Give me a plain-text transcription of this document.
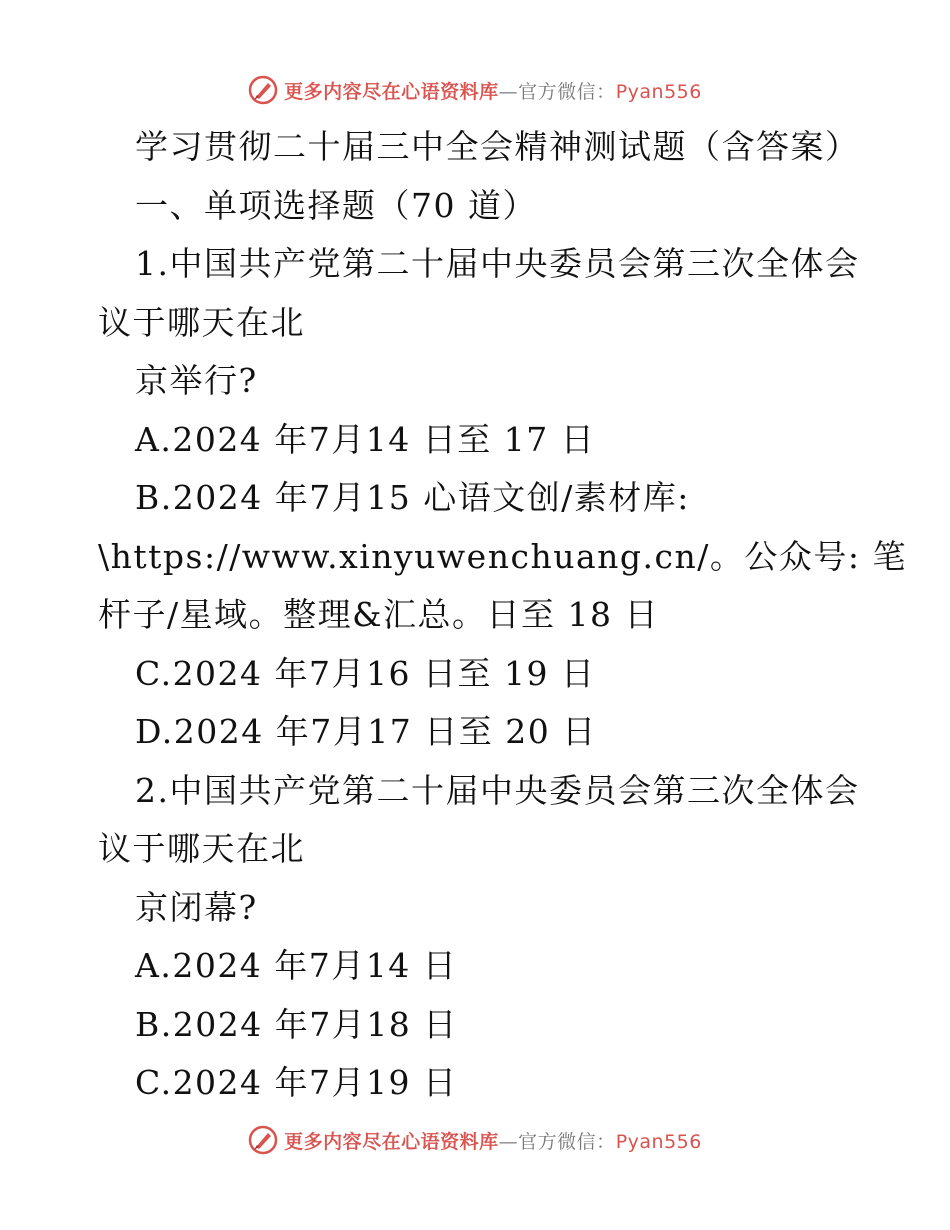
更多内容尽在心语资料库—官方微信：Pyan556
学习贯彻二十届三中全会精神测试题（含答案）
一、单项选择题（70 道）
1.中国共产党第二十届中央委员会第三次全体会
议于哪天在北
京举行?
A.2024 年7月14 日至 17 日
B.2024 年7月15 心语文创/素材库:
\https://www.xinyuwenchuang.cn/。公众号: 笔
杆子/星域。整理&汇总。日至 18 日
C.2024 年7月16 日至 19 日
D.2024 年7月17 日至 20 日
2.中国共产党第二十届中央委员会第三次全体会
议于哪天在北
京闭幕?
A.2024 年7月14 日
B.2024 年7月18 日
C.2024 年7月19 日
更多内容尽在心语资料库—官方微信：Pyan556
